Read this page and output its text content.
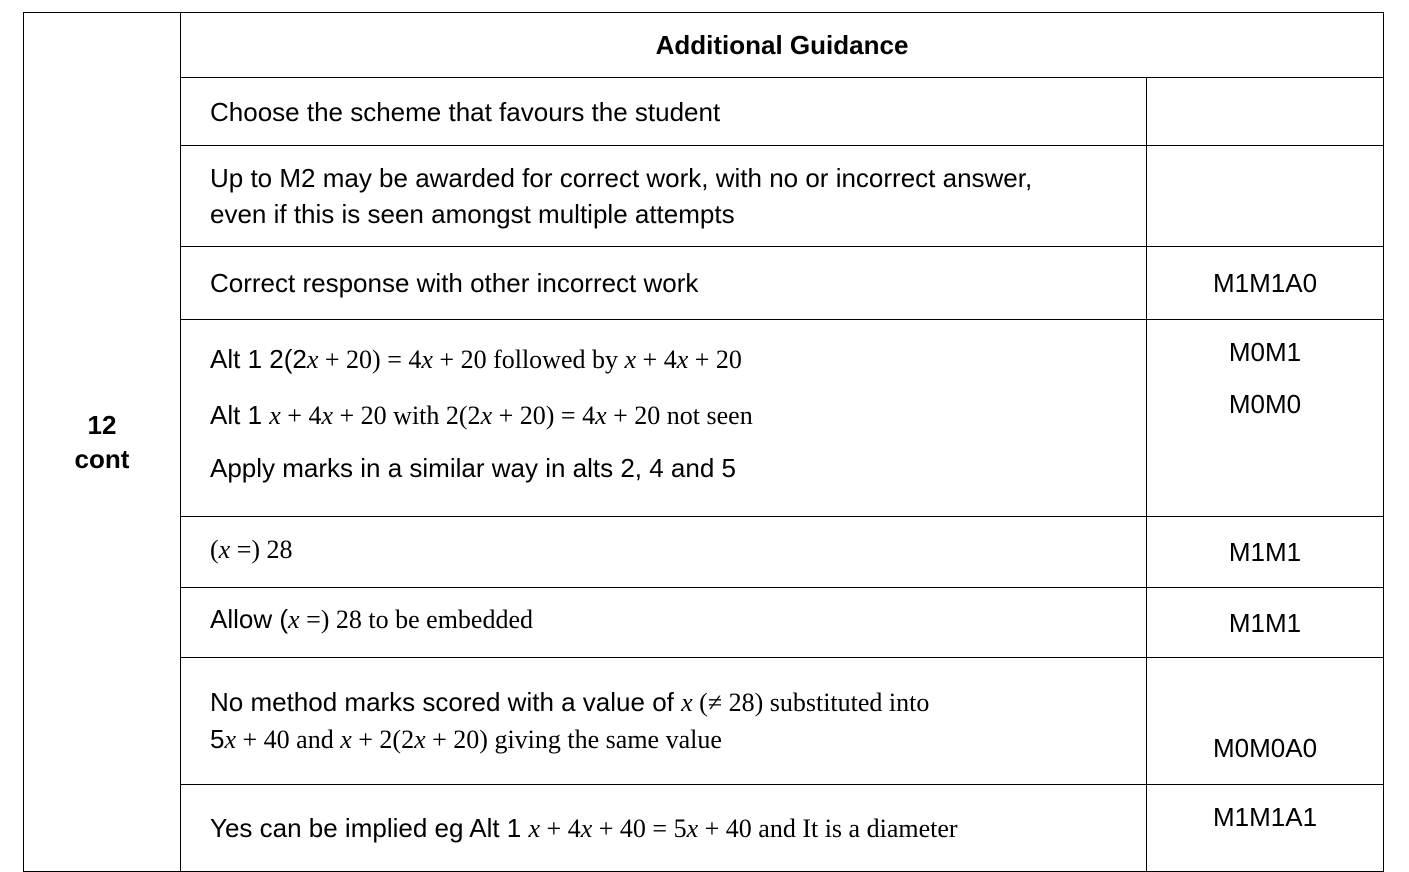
12
cont	Additional Guidance	

	Choose the scheme that favours the student	

	Up to M2 may be awarded for correct work, with no or incorrect answer,
even if this is seen amongst multiple attempts	

	Correct response with other incorrect work	M1M1A0

	Alt 1 2(2x + 20) = 4x + 20 followed by x + 4x + 20
Alt 1 x + 4x + 20 with 2(2x + 20) = 4x + 20 not seen
Apply marks in a similar way in alts 2, 4 and 5	M0M1
M0M0

	(x =) 28	M1M1

	Allow (x =) 28 to be embedded	M1M1

	No method marks scored with a value of x (≠ 28) substituted into
5x + 40 and x + 2(2x + 20) giving the same value	M0M0A0

	Yes can be implied eg Alt 1 x + 4x + 40 = 5x + 40 and It is a diameter	M1M1A1
